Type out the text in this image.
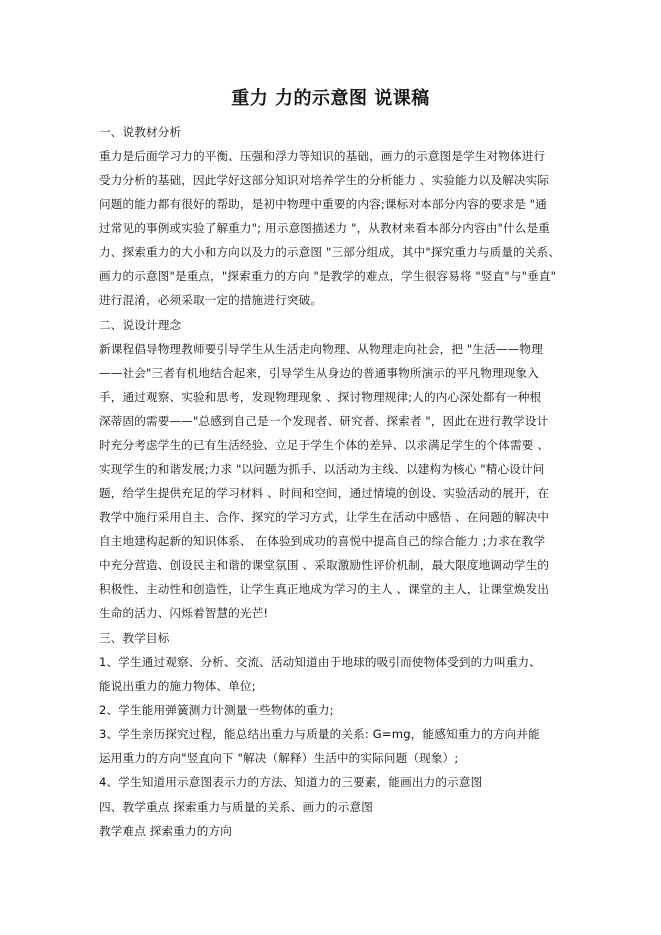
重力 力的示意图 说课稿
一、说教材分析
重力是后面学习力的平衡、压强和浮力等知识的基础，画力的示意图是学生对物体进行
受力分析的基础，因此学好这部分知识对培养学生的分析能力 、实验能力以及解决实际
问题的能力都有很好的帮助，是初中物理中重要的内容;课标对本部分内容的要求是 "通
过常见的事例或实验了解重力"; 用示意图描述力 "，从教材来看本部分内容由"什么是重
力、探索重力的大小和方向以及力的示意图 "三部分组成，其中"探究重力与质量的关系、
画力的示意图"是重点，"探索重力的方向 "是教学的难点，学生很容易将 "竖直"与"垂直"
进行混淆，必须采取一定的措施进行突破。
二、说设计理念
新课程倡导物理教师要引导学生从生活走向物理、从物理走向社会，把 "生活——物理
——社会"三者有机地结合起来，引导学生从身边的普通事物所演示的平凡物理现象入
手，通过观察、实验和思考，发现物理现象 、探讨物理规律;人的内心深处都有一种根
深蒂固的需要——"总感到自己是一个发现者、研究者、探索者 "，因此在进行教学设计
时充分考虑学生的已有生活经验、立足于学生个体的差异、以求满足学生的个体需要 、
实现学生的和谐发展;力求 "以问题为抓手、以活动为主线、以建构为核心 "精心设计问
题，给学生提供充足的学习材料 、时间和空间，通过情境的创设、实验活动的展开，在
教学中施行采用自主、合作、探究的学习方式，让学生在活动中感悟 、在问题的解决中
自主地建构起新的知识体系、 在体验到成功的喜悦中提高自己的综合能力 ;力求在教学
中充分营造、创设民主和谐的课堂氛围 、采取激励性评价机制，最大限度地调动学生的
积极性、主动性和创造性，让学生真正地成为学习的主人 、课堂的主人，让课堂焕发出
生命的活力、闪烁着智慧的光芒!
三、教学目标
1、学生通过观察、分析、交流、活动知道由于地球的吸引而使物体受到的力叫重力、
能说出重力的施力物体、单位;
2、学生能用弹簧测力计测量一些物体的重力;
3、学生亲历探究过程，能总结出重力与质量的关系: G=mg，能感知重力的方向并能
运用重力的方向"竖直向下 "解决（解释）生活中的实际问题（现象）;
4、学生知道用示意图表示力的方法、知道力的三要素，能画出力的示意图
四、教学重点 探索重力与质量的关系、画力的示意图
教学难点 探索重力的方向
